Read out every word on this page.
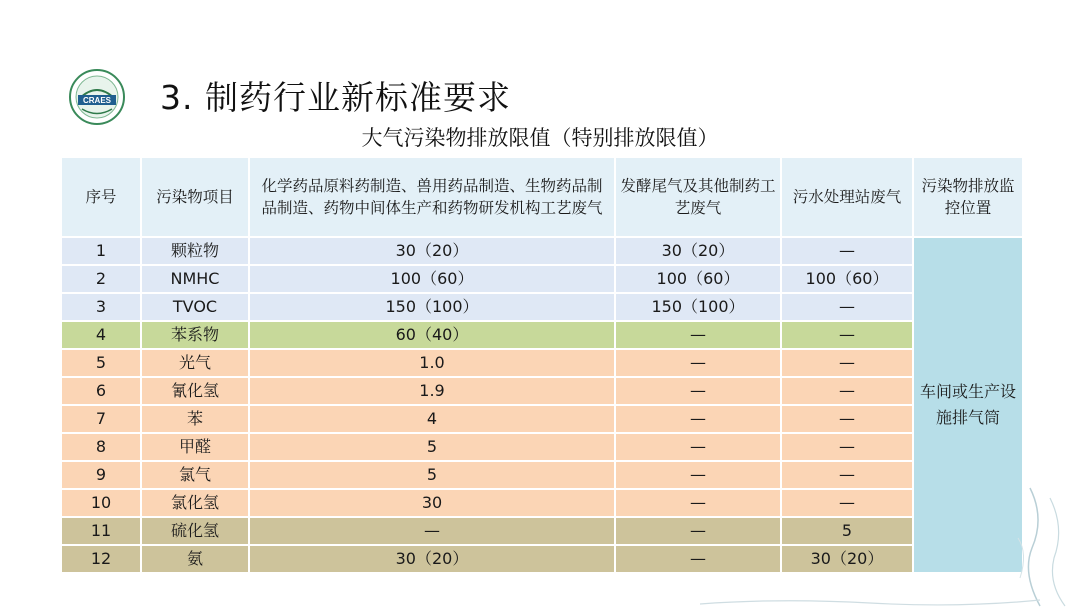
CRAES 3. 制药行业新标准要求
大气污染物排放限值（特别排放限值）
序号	污染物项目	化学药品原料药制造、兽用药品制造、生物药品制品制造、药物中间体生产和药物研发机构工艺废气	发酵尾气及其他制药工艺废气	污水处理站废气	污染物排放监控位置
1	颗粒物	30（20）	30（20）	—	车间或生产设施排气筒
2	NMHC	100（60）	100（60）	100（60）	
3	TVOC	150（100）	150（100）	—	
4	苯系物	60（40）	—	—	
5	光气	1.0	—	—	
6	氰化氢	1.9	—	—	
7	苯	4	—	—	
8	甲醛	5	—	—	
9	氯气	5	—	—	
10	氯化氢	30	—	—	
11	硫化氢	—	—	5	
12	氨	30（20）	—	30（20）	
